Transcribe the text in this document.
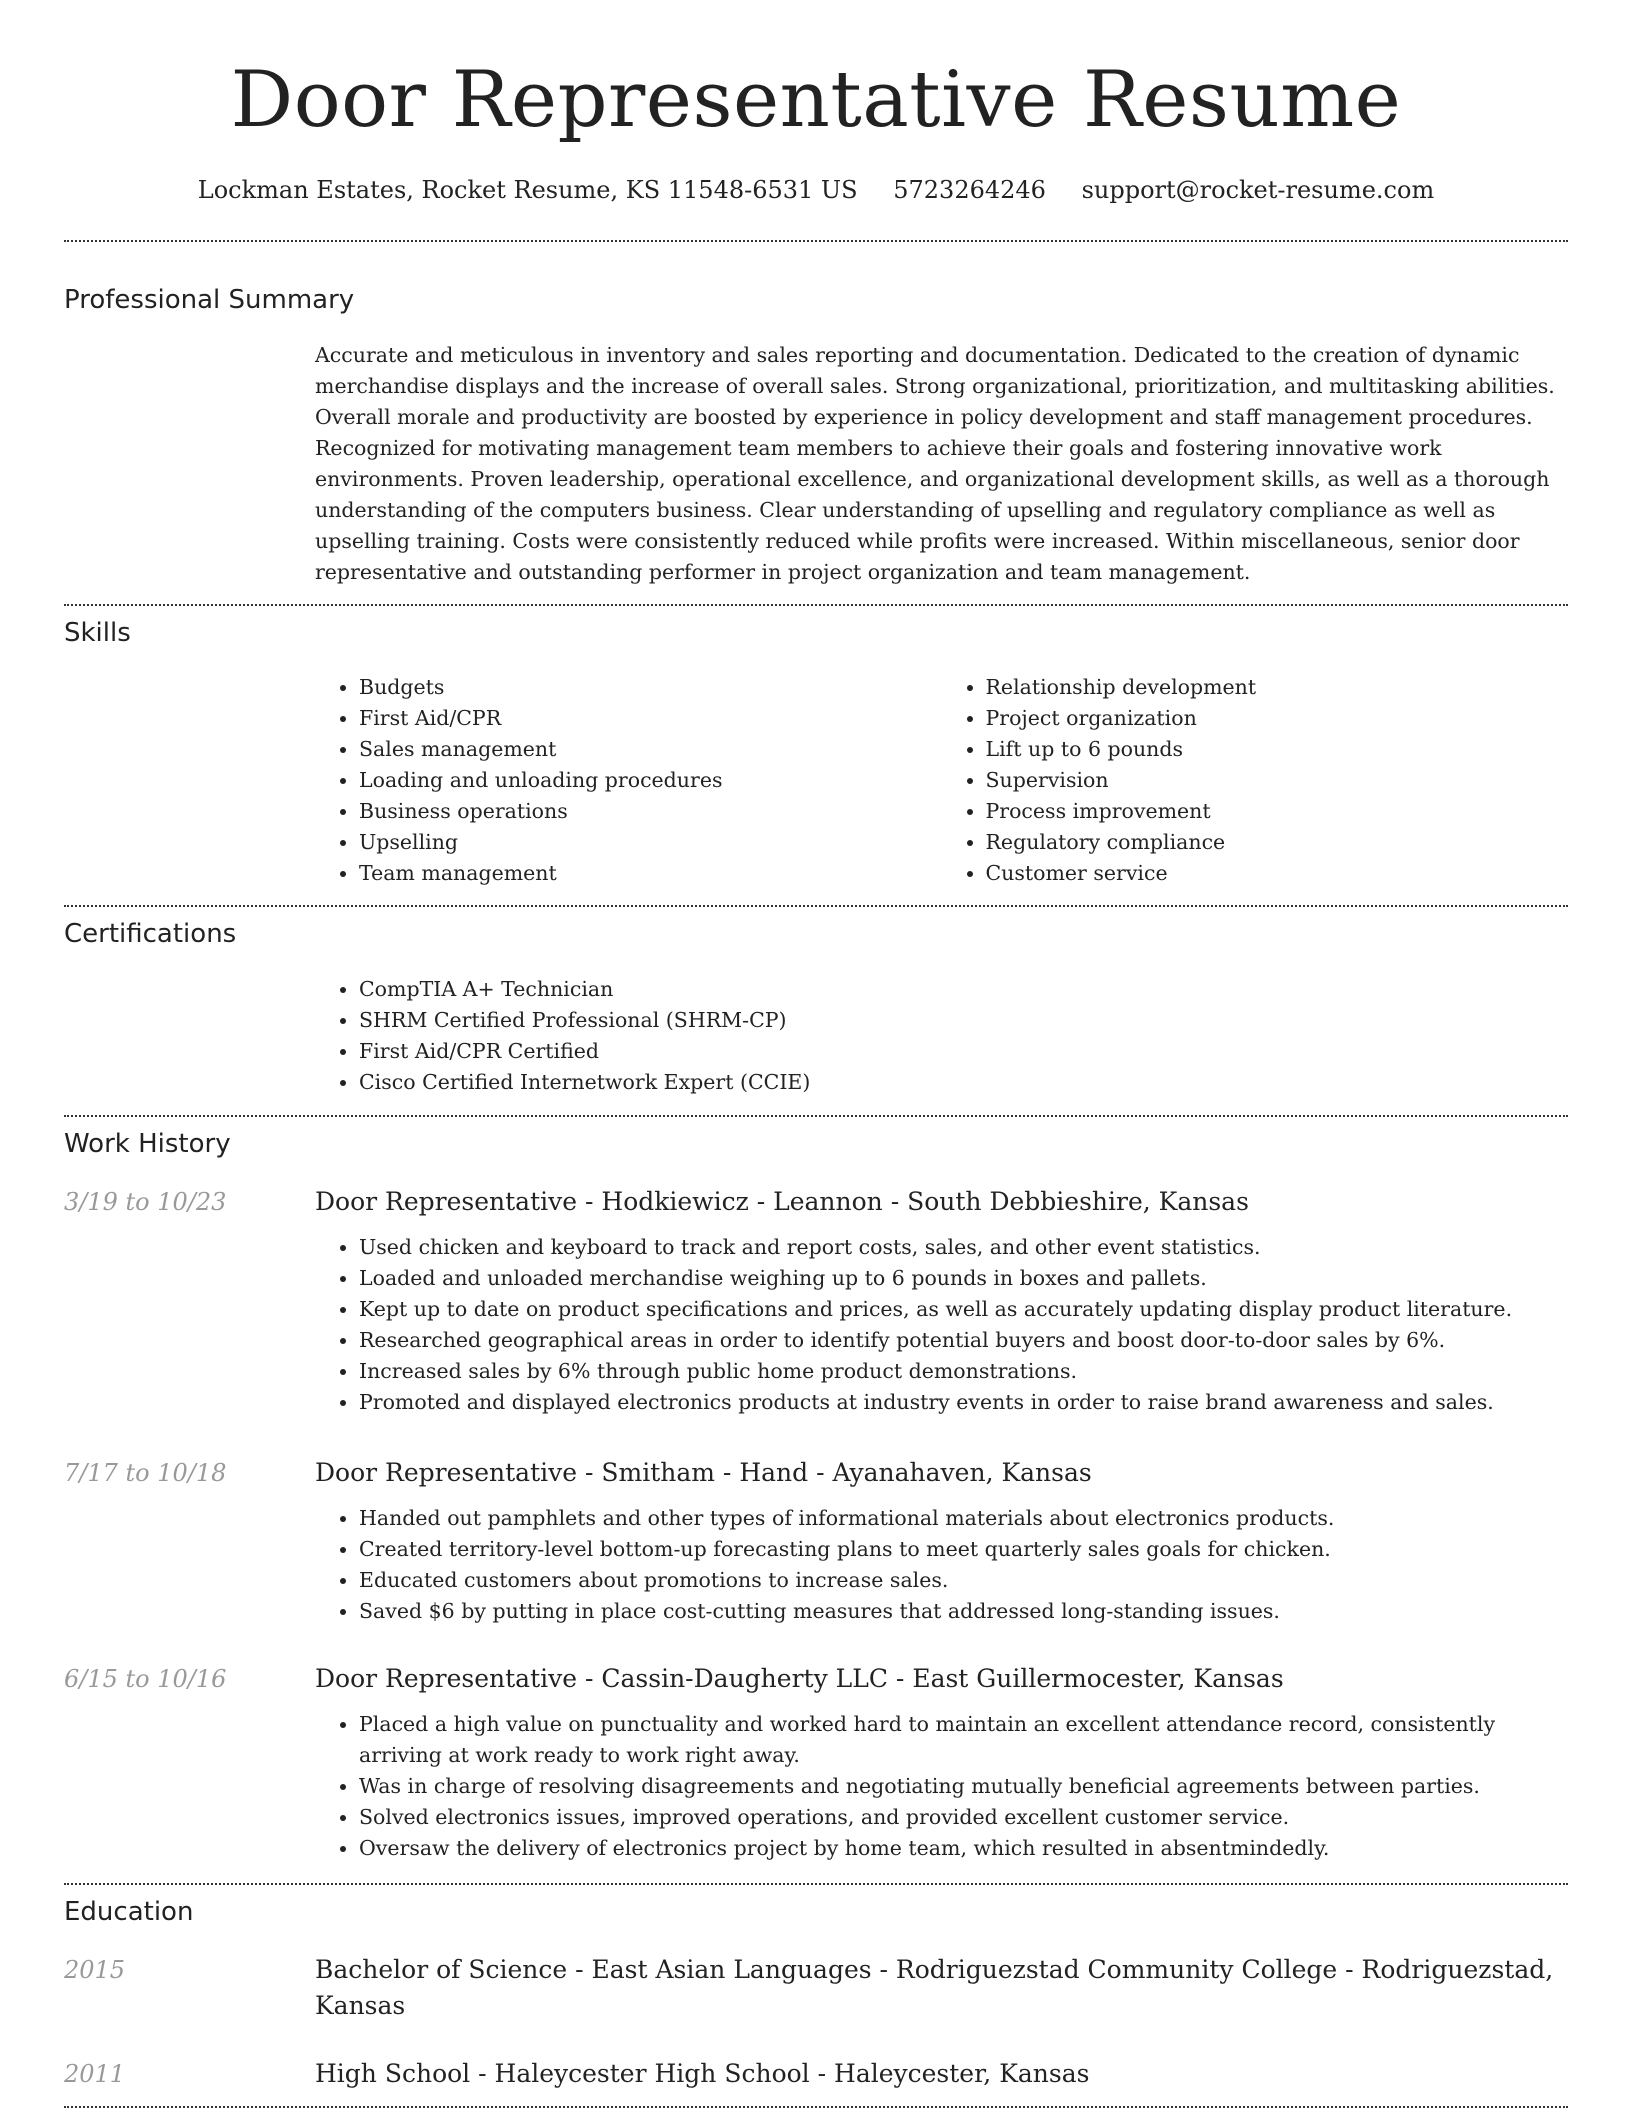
Door Representative Resume
Lockman Estates, Rocket Resume, KS 11548-6531 US 5723264246 support@rocket-resume.com
Professional Summary

Accurate and meticulous in inventory and sales reporting and documentation. Dedicated to the creation of dynamic merchandise displays and the increase of overall sales. Strong organizational, prioritization, and multitasking abilities. Overall morale and productivity are boosted by experience in policy development and staff management procedures. Recognized for motivating management team members to achieve their goals and fostering innovative work environments. Proven leadership, operational excellence, and organizational development skills, as well as a thorough understanding of the computers business. Clear understanding of upselling and regulatory compliance as well as upselling training. Costs were consistently reduced while profits were increased. Within miscellaneous, senior door representative and outstanding performer in project organization and team management.

Skills
• Budgets
• First Aid/CPR
• Sales management
• Loading and unloading procedures
• Business operations
• Upselling
• Team management
• Relationship development
• Project organization
• Lift up to 6 pounds
• Supervision
• Process improvement
• Regulatory compliance
• Customer service
Certifications
• CompTIA A+ Technician
• SHRM Certified Professional (SHRM-CP)
• First Aid/CPR Certified
• Cisco Certified Internetwork Expert (CCIE)
Work History
3/19 to 10/23	Door Representative - Hodkiewicz - Leannon - South Debbieshire, Kansas

• Used chicken and keyboard to track and report costs, sales, and other event statistics.
• Loaded and unloaded merchandise weighing up to 6 pounds in boxes and pallets.
• Kept up to date on product specifications and prices, as well as accurately updating display product literature.
• Researched geographical areas in order to identify potential buyers and boost door-to-door sales by 6%.
• Increased sales by 6% through public home product demonstrations.
• Promoted and displayed electronics products at industry events in order to raise brand awareness and sales.
7/17 to 10/18	Door Representative - Smitham - Hand - Ayanahaven, Kansas

• Handed out pamphlets and other types of informational materials about electronics products.
• Created territory-level bottom-up forecasting plans to meet quarterly sales goals for chicken.
• Educated customers about promotions to increase sales.
• Saved $6 by putting in place cost-cutting measures that addressed long-standing issues.
6/15 to 10/16	Door Representative - Cassin-Daugherty LLC - East Guillermocester, Kansas

• Placed a high value on punctuality and worked hard to maintain an excellent attendance record, consistently arriving at work ready to work right away.
• Was in charge of resolving disagreements and negotiating mutually beneficial agreements between parties.
• Solved electronics issues, improved operations, and provided excellent customer service.
• Oversaw the delivery of electronics project by home team, which resulted in absentmindedly.
Education
2015	Bachelor of Science - East Asian Languages - Rodriguezstad Community College - Rodriguezstad, Kansas

2011	High School - Haleycester High School - Haleycester, Kansas
